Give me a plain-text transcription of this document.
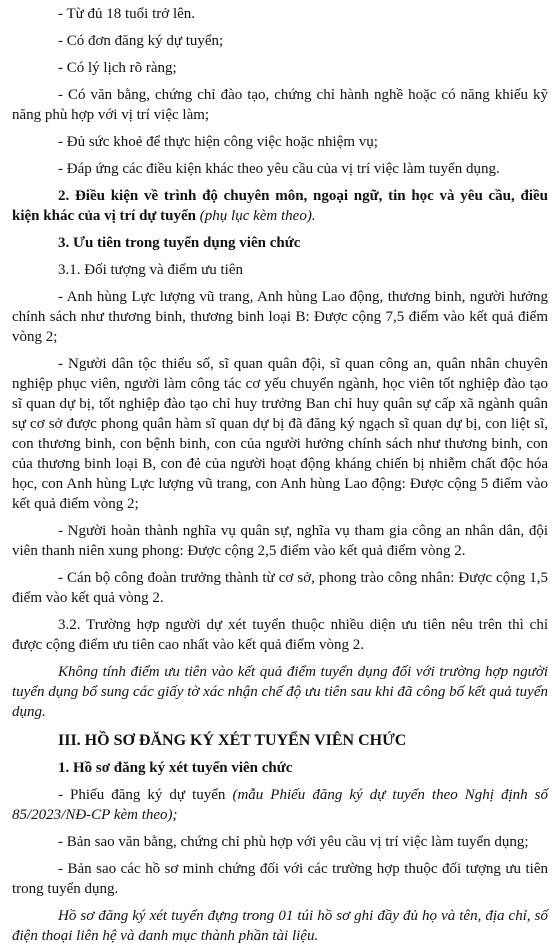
- Từ đủ 18 tuổi trở lên.

- Có đơn đăng ký dự tuyển;

- Có lý lịch rõ ràng;

- Có văn bằng, chứng chỉ đào tạo, chứng chỉ hành nghề hoặc có năng khiếu kỹ năng phù hợp với vị trí việc làm;

- Đủ sức khoẻ để thực hiện công việc hoặc nhiệm vụ;

- Đáp ứng các điều kiện khác theo yêu cầu của vị trí việc làm tuyển dụng.

2. Điều kiện về trình độ chuyên môn, ngoại ngữ, tin học và yêu cầu, điều kiện khác của vị trí dự tuyển (phụ lục kèm theo).

3. Ưu tiên trong tuyển dụng viên chức

3.1. Đối tượng và điểm ưu tiên

- Anh hùng Lực lượng vũ trang, Anh hùng Lao động, thương binh, người hưởng chính sách như thương binh, thương binh loại B: Được cộng 7,5 điểm vào kết quả điểm vòng 2;

- Người dân tộc thiểu số, sĩ quan quân đội, sĩ quan công an, quân nhân chuyên nghiệp phục viên, người làm công tác cơ yếu chuyển ngành, học viên tốt nghiệp đào tạo sĩ quan dự bị, tốt nghiệp đào tạo chỉ huy trưởng Ban chỉ huy quân sự cấp xã ngành quân sự cơ sở được phong quân hàm sĩ quan dự bị đã đăng ký ngạch sĩ quan dự bị, con liệt sĩ, con thương binh, con bệnh binh, con của người hưởng chính sách như thương binh, con của thương binh loại B, con đẻ của người hoạt động kháng chiến bị nhiễm chất độc hóa học, con Anh hùng Lực lượng vũ trang, con Anh hùng Lao động: Được cộng 5 điểm vào kết quả điểm vòng 2;

- Người hoàn thành nghĩa vụ quân sự, nghĩa vụ tham gia công an nhân dân, đội viên thanh niên xung phong: Được cộng 2,5 điểm vào kết quả điểm vòng 2.

- Cán bộ công đoàn trưởng thành từ cơ sở, phong trào công nhân: Được cộng 1,5 điểm vào kết quả vòng 2.

3.2. Trường hợp người dự xét tuyển thuộc nhiều diện ưu tiên nêu trên thì chỉ được cộng điểm ưu tiên cao nhất vào kết quả điểm vòng 2.

Không tính điểm ưu tiên vào kết quả điểm tuyển dụng đối với trường hợp người tuyển dụng bổ sung các giấy tờ xác nhận chế độ ưu tiên sau khi đã công bố kết quả tuyển dụng.

III. HỒ SƠ ĐĂNG KÝ XÉT TUYỂN VIÊN CHỨC

1. Hồ sơ đăng ký xét tuyển viên chức

- Phiếu đăng ký dự tuyển (mẫu Phiếu đăng ký dự tuyển theo Nghị định số 85/2023/NĐ-CP kèm theo);

- Bản sao văn bằng, chứng chỉ phù hợp với yêu cầu vị trí việc làm tuyển dụng;

- Bản sao các hồ sơ minh chứng đối với các trường hợp thuộc đối tượng ưu tiên trong tuyển dụng.

Hồ sơ đăng ký xét tuyển đựng trong 01 túi hồ sơ ghi đầy đủ họ và tên, địa chỉ, số điện thoại liên hệ và danh mục thành phần tài liệu.
